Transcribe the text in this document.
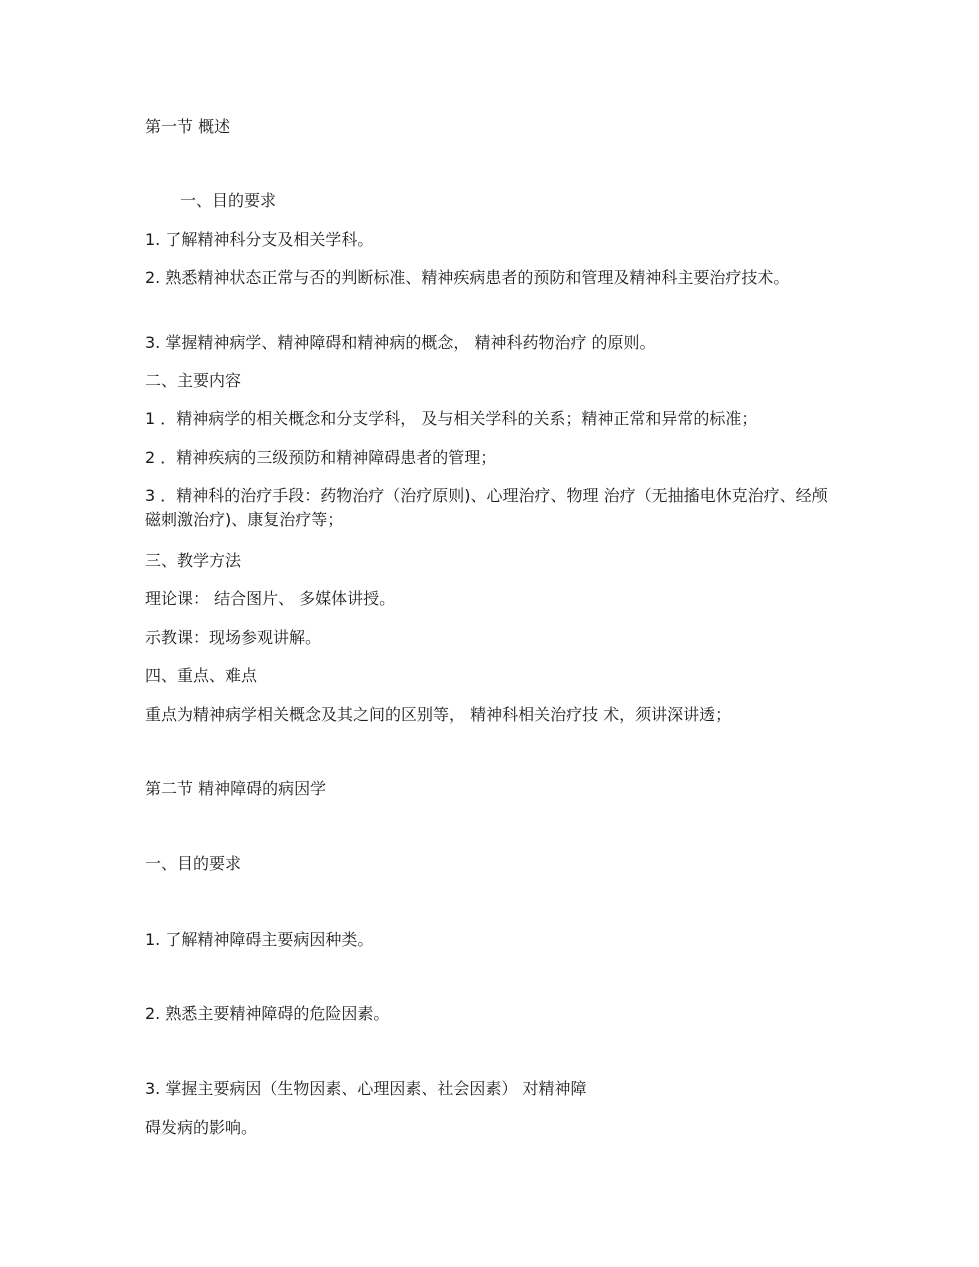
第一节 概述
一、目的要求
1. 了解精神科分支及相关学科。
2. 熟悉精神状态正常与否的判断标准、精神疾病患者的预防和管理及精神科主要治疗技术。
3. 掌握精神病学、精神障碍和精神病的概念， 精神科药物治疗 的原则。
二、主要内容
1 ．精神病学的相关概念和分支学科， 及与相关学科的关系；精神正常和异常的标准；
2 ．精神疾病的三级预防和精神障碍患者的管理；
3 ．精神科的治疗手段：药物治疗（治疗原则)、心理治疗、物理 治疗（无抽搐电休克治疗、经颅磁刺激治疗)、康复治疗等；
三、教学方法
理论课： 结合图片、 多媒体讲授。
示教课：现场参观讲解。
四、重点、难点
重点为精神病学相关概念及其之间的区别等， 精神科相关治疗技 术，须讲深讲透；
第二节 精神障碍的病因学
一、目的要求
1. 了解精神障碍主要病因种类。
2. 熟悉主要精神障碍的危险因素。
3. 掌握主要病因（生物因素、心理因素、社会因素） 对精神障
碍发病的影响。
